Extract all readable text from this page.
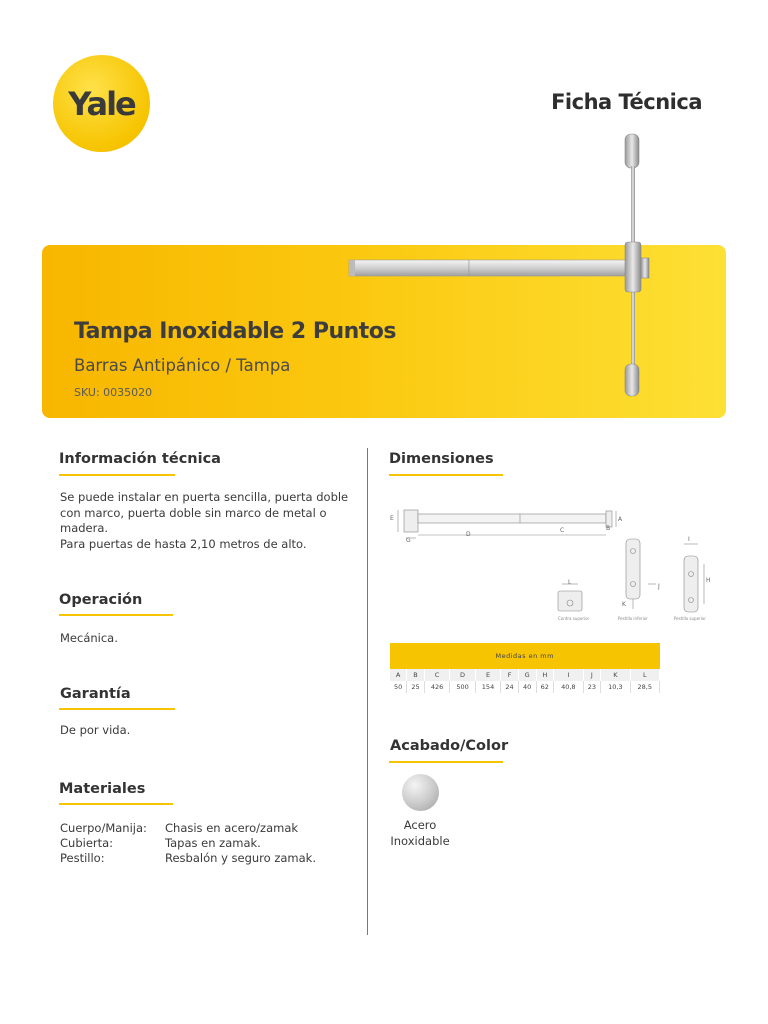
Yale	Ficha Técnica
Tampa Inoxidable 2 Puntos
Barras Antipánico / Tampa
SKU: 0035020
Información técnica
Se puede instalar en puerta sencilla, puerta doble
con marco, puerta doble sin marco de metal o
madera.
Para puertas de hasta 2,10 metros de alto.
Operación
Mecánica.
Garantía
De por vida.
Materiales
Cuerpo/Manija: Chasis en acero/zamak
Cubierta:	Tapas en zamak.
Pestillo:	Resbalón y seguro zamak.
Dimensiones
E
G
D
C
A
B
L
J
K
I
H
Contra superior	Pestillo inferior	Pestillo superior
Medidas en mm											
A	B	C	D	E	F	G	H	I	J	K	L
50	25	426	500	154	24	40	62	40,8	23	10,3	28,5
Acabado/Color
Acero
Inoxidable
